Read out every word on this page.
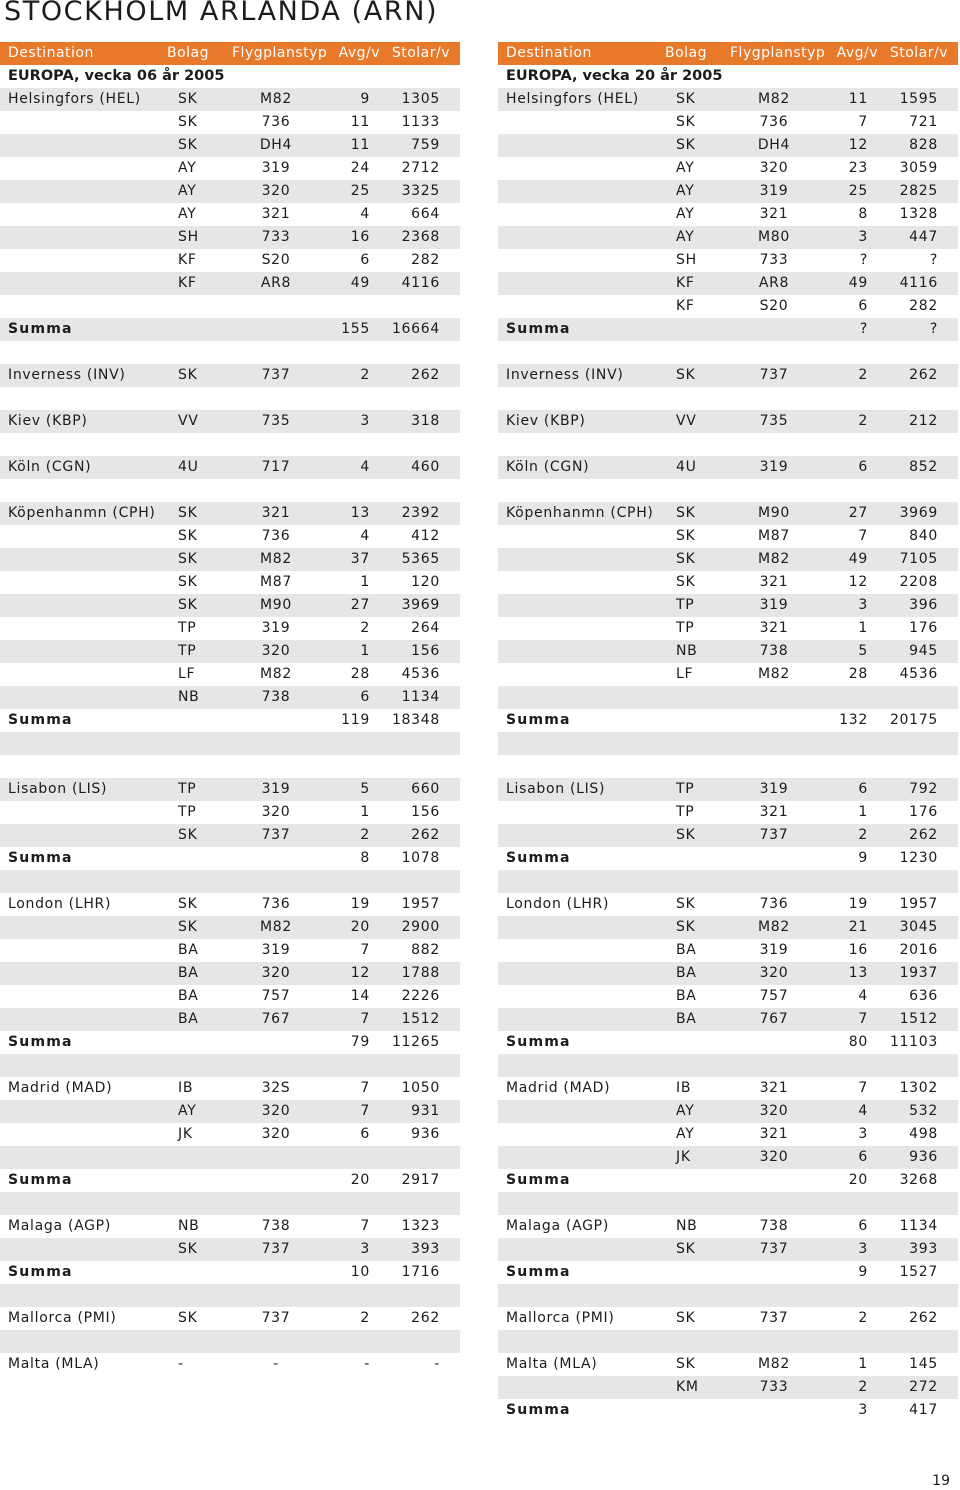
STOCKHOLM ARLANDA (ARN)
Destination	Bolag Flygplanstyp Avg/v Stolar/v
EUROPA, vecka 06 år 2005
Helsingfors (HEL)	SK	M82	9 1305
SK	736	11 1133
SK	DH4	11	759
AY	319	24 2712
AY	320	25 3325
AY	321	4	664
SH	733	16 2368
KF	S20	6	282
KF	AR8	49 4116
Summa	155 16664
Inverness (INV)	SK	737	2	262
Kiev (KBP)	VV	735	3	318
Köln (CGN)	4U	717	4	460
Köpenhanmn (CPH) SK	321	13 2392
SK	736	4	412
SK	M82	37 5365
SK	M87	1	120
SK	M90	27 3969
TP	319	2	264
TP	320	1	156
LF	M82	28 4536
NB	738	6 1134
Summa	119 18348
Lisabon (LIS)	TP	319	5	660
TP	320	1	156
SK	737	2	262
Summa	8 1078
London (LHR)	SK	736	19 1957
SK	M82	20 2900
BA	319	7	882
BA	320	12 1788
BA	757	14 2226
BA	767	7 1512
Summa	79 11265
Madrid (MAD)	IB	32S	7 1050
AY	320	7	931
JK	320	6	936
Summa	20 2917
Malaga (AGP)	NB	738	7 1323
SK	737	3	393
Summa	10 1716
Mallorca (PMI)	SK	737	2	262
Malta (MLA)	-	-	-	-
Destination	Bolag Flygplanstyp Avg/v Stolar/v
EUROPA, vecka 20 år 2005
Helsingfors (HEL)	SK	M82	11 1595
SK	736	7	721
SK	DH4	12	828
AY	320	23 3059
AY	319	25 2825
AY	321	8 1328
AY	M80	3	447
SH	733	?	?
KF	AR8	49 4116
KF	S20	6	282
Summa	?	?
Inverness (INV)	SK	737	2	262
Kiev (KBP)	VV	735	2	212
Köln (CGN)	4U	319	6	852
Köpenhanmn (CPH) SK	M90	27 3969
SK	M87	7	840
SK	M82	49 7105
SK	321	12 2208
TP	319	3	396
TP	321	1	176
NB	738	5	945
LF	M82	28 4536
Summa	132 20175
Lisabon (LIS)	TP	319	6	792
TP	321	1	176
SK	737	2	262
Summa	9 1230
London (LHR)	SK	736	19 1957
SK	M82	21 3045
BA	319	16 2016
BA	320	13 1937
BA	757	4	636
BA	767	7 1512
Summa	80 11103
Madrid (MAD)	IB	321	7 1302
AY	320	4	532
AY	321	3	498
JK	320	6	936
Summa	20 3268
Malaga (AGP)	NB	738	6 1134
SK	737	3	393
Summa	9 1527
Mallorca (PMI)	SK	737	2	262
Malta (MLA)	SK	M82	1	145
KM	733	2	272
Summa	3	417
19
